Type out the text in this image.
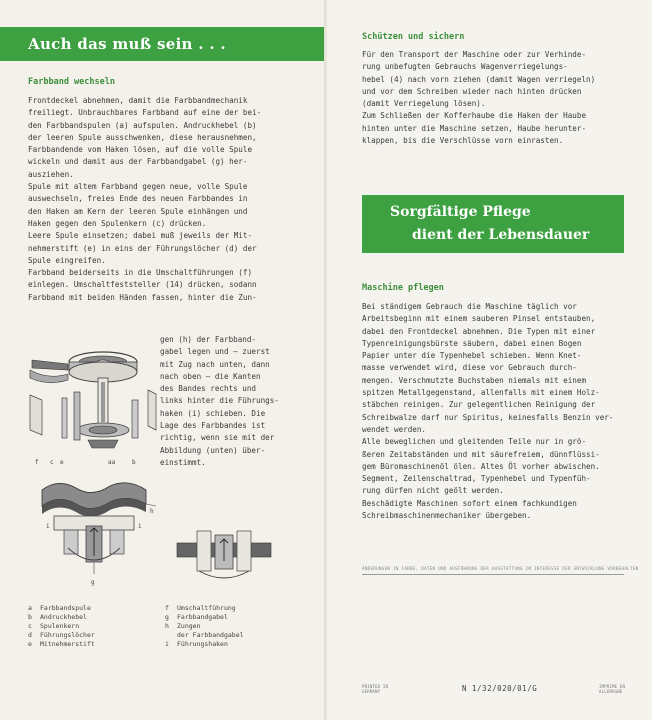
Auch das muß sein . . .
Farbband wechseln

Frontdeckel abnehmen, damit die Farbbandmechanik

freiliegt. Unbrauchbares Farbband auf eine der bei-

den Farbbandspulen (a) aufspulen. Andruckhebel (b)

der leeren Spule ausschwenken, diese herausnehmen,

Farbbandende vom Haken lösen, auf die volle Spule

wickeln und damit aus der Farbbandgabel (g) her-

ausziehen.

Spule mit altem Farbband gegen neue, volle Spule

auswechseln, freies Ende des neuen Farbbandes in

den Haken am Kern der leeren Spule einhängen und

Haken gegen den Spulenkern (c) drücken.

Leere Spule einsetzen; dabei muß jeweils der Mit-

nehmerstift (e) in eins der Führungslöcher (d) der

Spule eingreifen.

Farbband beiderseits in die Umschaltführungen (f)

einlegen. Umschaltfeststeller (14) drücken, sodann

Farbband mit beiden Händen fassen, hinter die Zun-

gen (h) der Farbband-

gabel legen und — zuerst

mit Zug nach unten, dann

nach oben — die Kanten

des Bandes rechts und

links hinter die Führungs-

haken (i) schieben. Die

Lage des Farbbandes ist

richtig, wenn sie mit der

Abbildung (unten) über-

einstimmt.

f c e	aa	b
h
i	i
g
a Farbbandspule
b Andruckhebel
c Spulenkern
d Führungslöcher
e Mitnehmerstift
f Umschaltführung
g Farbbandgabel
h Zungen
der Farbbandgabel
i Führungshaken
Schützen und sichern

Für den Transport der Maschine oder zur Verhinde-

rung unbefugten Gebrauchs Wagenverriegelungs-

hebel (4) nach vorn ziehen (damit Wagen verriegeln)

und vor dem Schreiben wieder nach hinten drücken

(damit Verriegelung lösen).

Zum Schließen der Kofferhaube die Haken der Haube

hinten unter die Maschine setzen, Haube herunter-

klappen, bis die Verschlüsse vorn einrasten.

Sorgfältige Pflege
dient der Lebensdauer
Maschine pflegen

Bei ständigem Gebrauch die Maschine täglich vor

Arbeitsbeginn mit einem sauberen Pinsel entstauben,

dabei den Frontdeckel abnehmen. Die Typen mit einer

Typenreinigungsbürste säubern, dabei einen Bogen

Papier unter die Typenhebel schieben. Wenn Knet-

masse verwendet wird, diese vor Gebrauch durch-

mengen. Verschmutzte Buchstaben niemals mit einem

spitzen Metallgegenstand, allenfalls mit einem Holz-

stäbchen reinigen. Zur gelegentlichen Reinigung der

Schreibwalze darf nur Spiritus, keinesfalls Benzin ver-

wendet werden.

Alle beweglichen und gleitenden Teile nur in grö-

ßeren Zeitabständen und mit säurefreiem, dünnflüssi-

gem Büromaschinenöl ölen. Altes Öl vorher abwischen.

Segment, Zeilenschaltrad, Typenhebel und Typenfüh-

rung dürfen nicht geölt werden.

Beschädigte Maschinen sofort einem fachkundigen

Schreibmaschinenmechaniker übergeben.

ÄNDERUNGEN IN FARBE, DATEN UND AUSFÜHRUNG DER AUSSTATTUNG IM INTERESSE DER ENTWICKLUNG VORBEHALTEN
PRINTED IN
GERMANY	N 1/32/020/01/G	IMPRIME EN
ALLEMAGNE
